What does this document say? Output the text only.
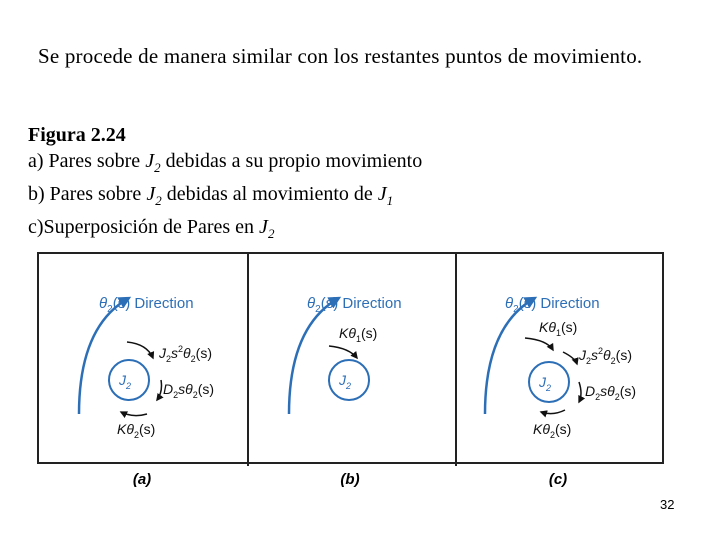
Se procede de manera similar con los restantes puntos de movimiento.
Figura 2.24
a) Pares sobre $J_2$ debidas a su propio movimiento
b) Pares sobre $J_2$ debidas al movimiento de $J_1$
c)Superposición de Pares en $J_2$
$\theta_2(s)$ Direction
$J_2$
$J_2s^2\theta_2(s)$
$D_2s\theta_2(s)$
$K\theta_2(s)$
$\theta_2(s)$ Direction
$K\theta_1(s)$
$J_2$
$\theta_2(s)$ Direction
$K\theta_1(s)$
$J_2$
$J_2s^2\theta_2(s)$
$D_2s\theta_2(s)$
$K\theta_2(s)$
(a)	(b)	(c)
32
